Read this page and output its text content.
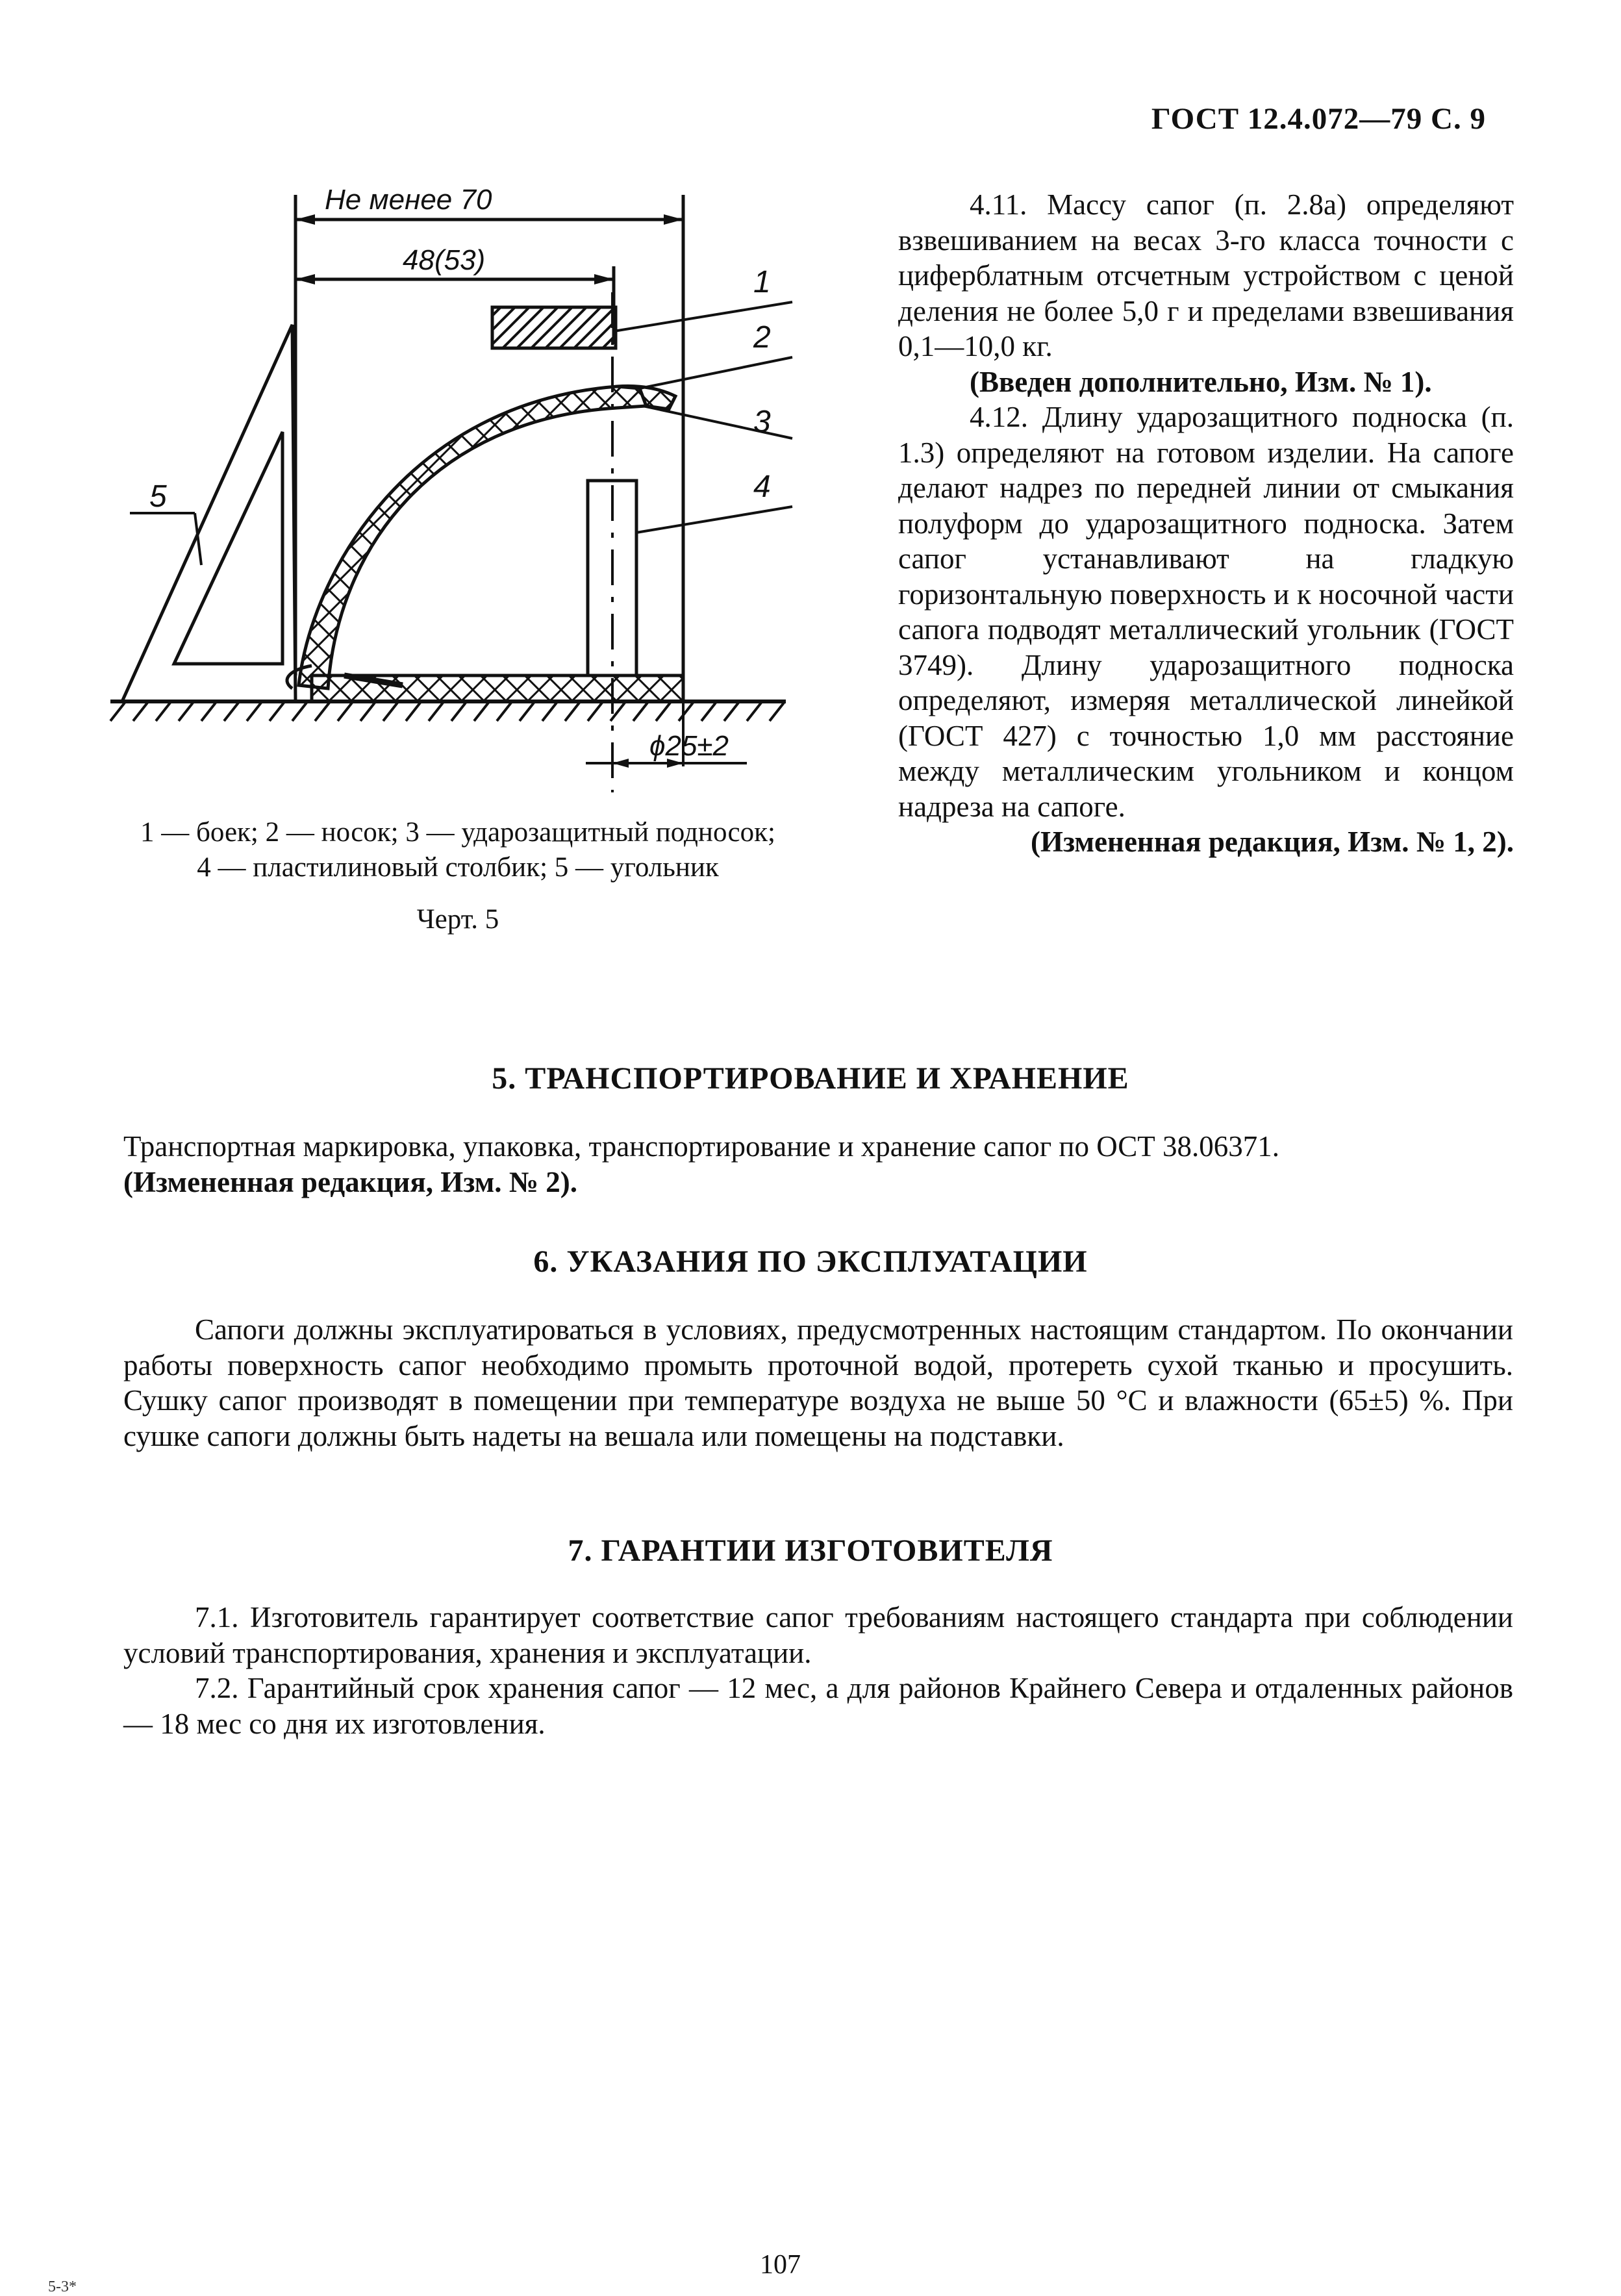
ГОСТ 12.4.072—79 С. 9
Не менее 70
48(53)
ϕ25±2
1
2
3
4
5
1 — боек; 2 — носок; 3 — ударозащитный подносок;
4 — пластилиновый столбик; 5 — угольник
Черт. 5

4.11. Массу сапог (п. 2.8а) определяют взвешиванием на весах 3-го класса точности с циферблатным отсчетным устройством с ценой деления не более 5,0 г и пределами взвешивания 0,1—10,0 кг.

(Введен дополнительно, Изм. № 1).

4.12. Длину ударозащитного подноска (п. 1.3) определяют на готовом изделии. На сапоге делают надрез по передней линии от смыкания полуформ до ударозащитного подноска. Затем сапог устанавливают на гладкую горизонтальную поверхность и к носочной части сапога подводят металлический угольник (ГОСТ 3749). Длину ударозащитного подноска определяют, измеряя металлической линейкой (ГОСТ 427) с точностью 1,0 мм расстояние между металлическим угольником и концом надреза на сапоге.

(Измененная редакция, Изм. № 1, 2).

5. ТРАНСПОРТИРОВАНИЕ И ХРАНЕНИЕ

Транспортная маркировка, упаковка, транспортирование и хранение сапог по ОСТ 38.06371.

(Измененная редакция, Изм. № 2).

6. УКАЗАНИЯ ПО ЭКСПЛУАТАЦИИ

Сапоги должны эксплуатироваться в условиях, предусмотренных настоящим стандартом. По окончании работы поверхность сапог необходимо промыть проточной водой, протереть сухой тканью и просушить. Сушку сапог производят в помещении при температуре воздуха не выше 50 °С и влажности (65±5) %. При сушке сапоги должны быть надеты на вешала или помещены на подставки.

7. ГАРАНТИИ ИЗГОТОВИТЕЛЯ

7.1. Изготовитель гарантирует соответствие сапог требованиям настоящего стандарта при соблюдении условий транспортирования, хранения и эксплуатации.

7.2. Гарантийный срок хранения сапог — 12 мес, а для районов Крайнего Севера и отдаленных районов — 18 мес со дня их изготовления.

107
5-3*
